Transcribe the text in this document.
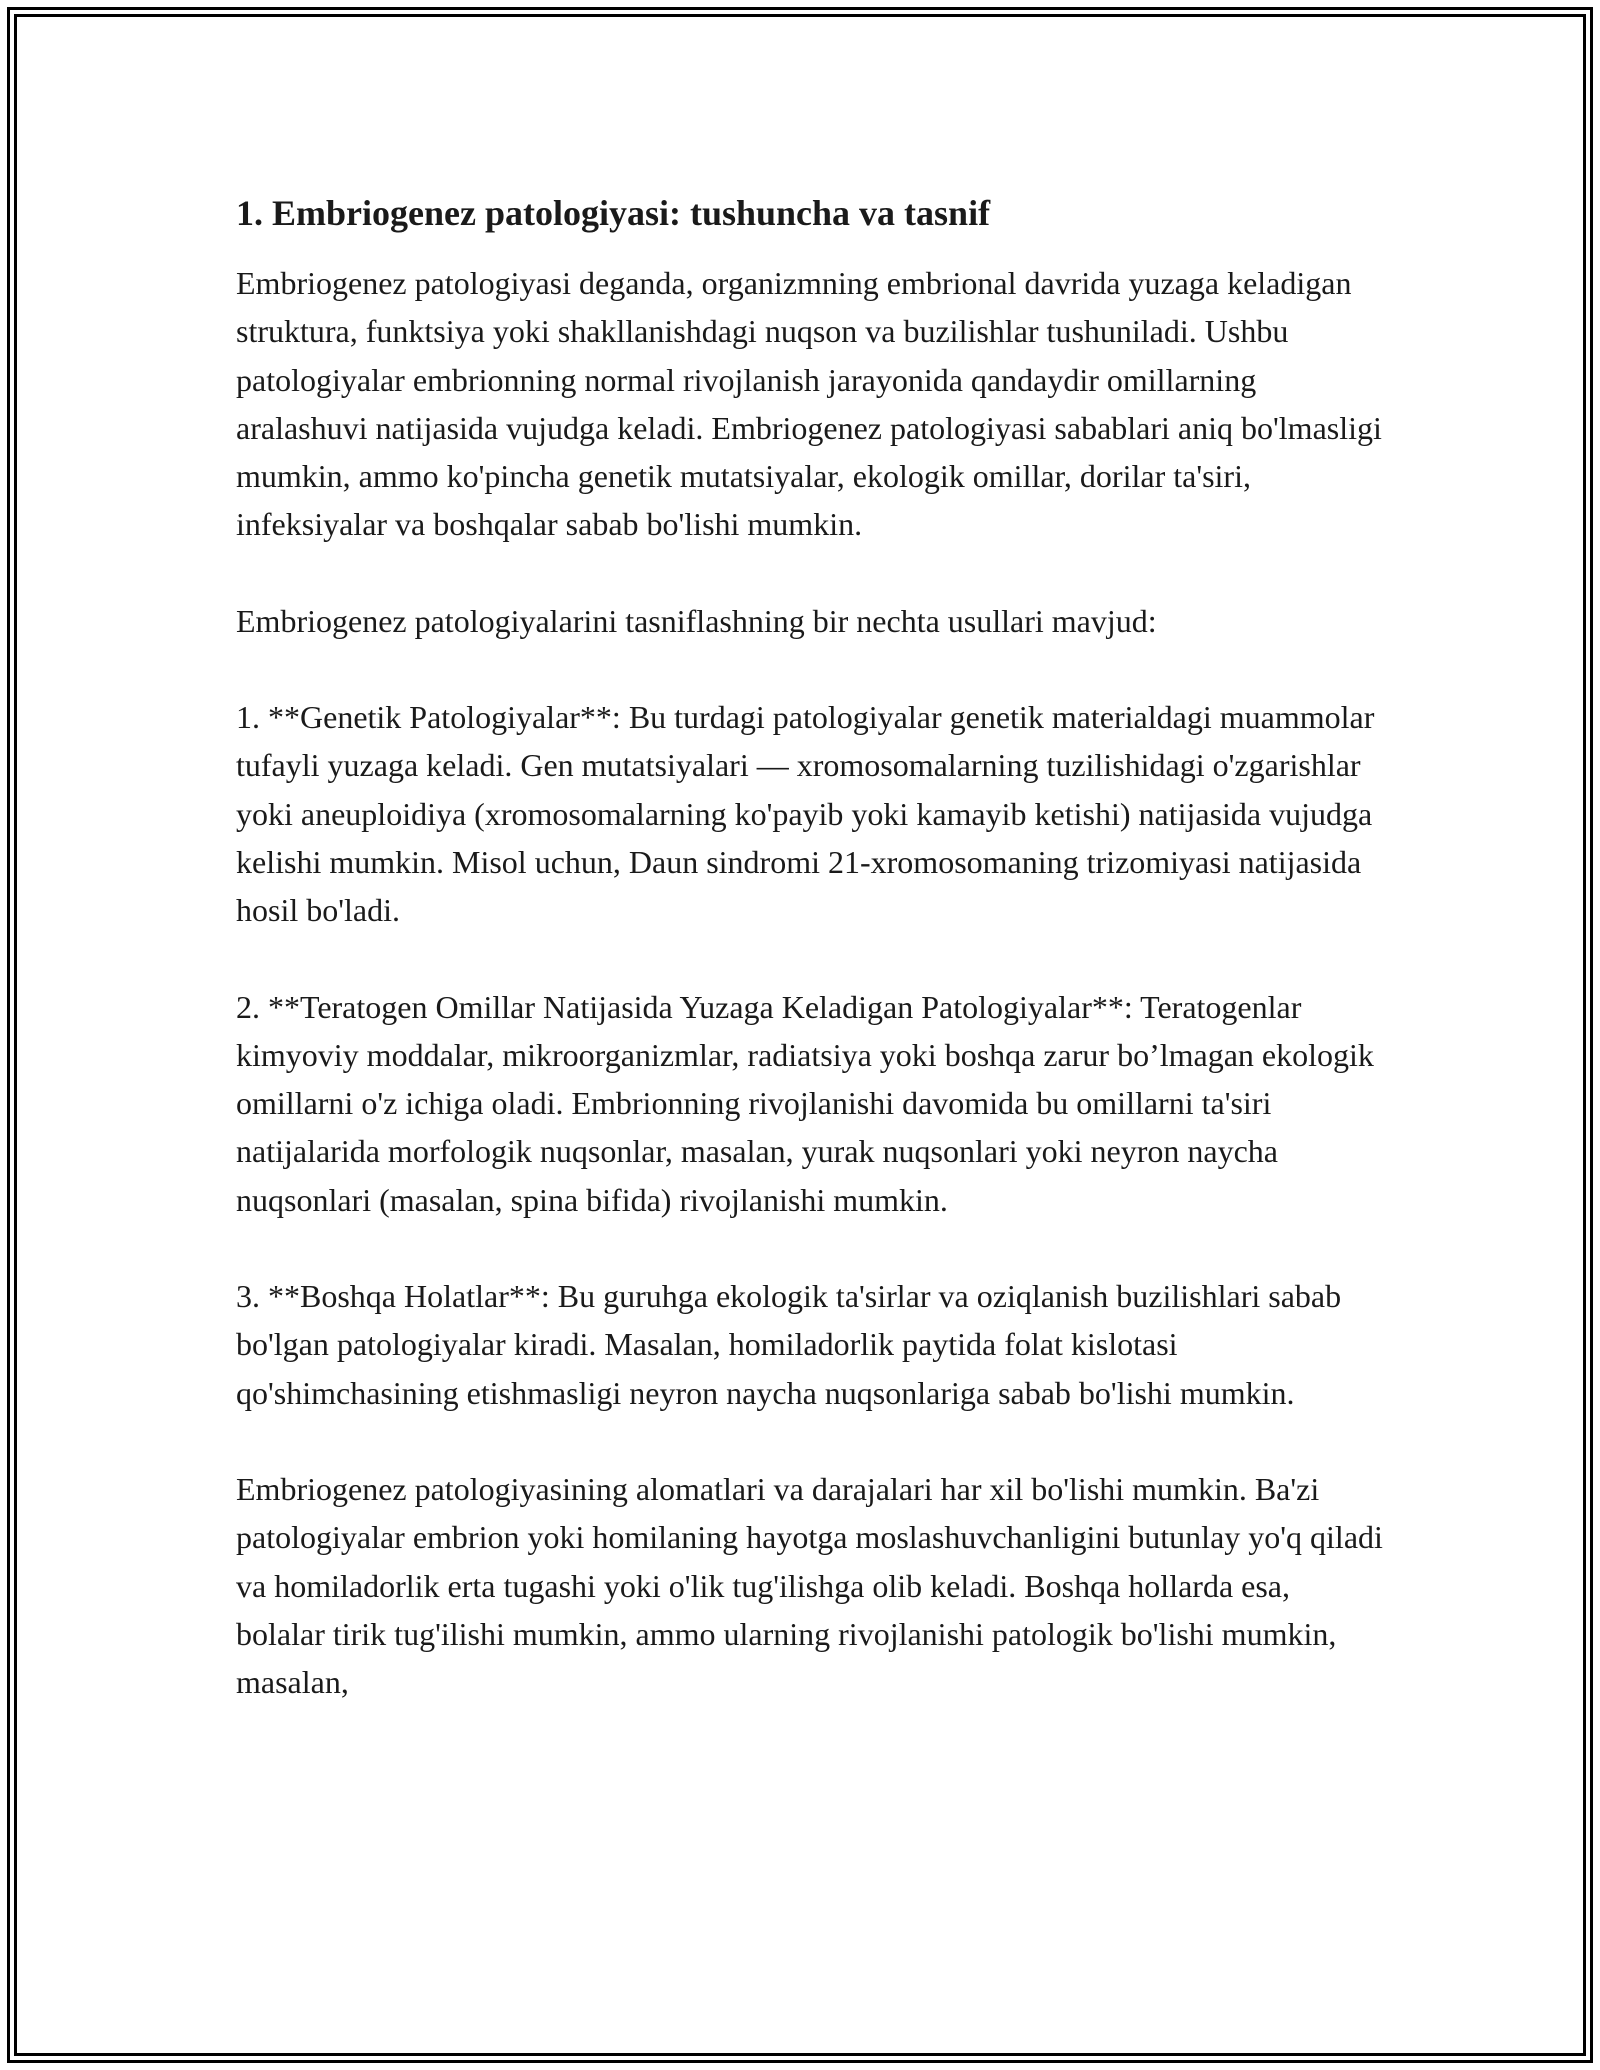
1. Embriogenez patologiyasi: tushuncha va tasnif

Embriogenez patologiyasi deganda, organizmning embrional davrida yuzaga keladigan struktura, funktsiya yoki shakllanishdagi nuqson va buzilishlar tushuniladi. Ushbu patologiyalar embrionning normal rivojlanish jarayonida qandaydir omillarning aralashuvi natijasida vujudga keladi. Embriogenez patologiyasi sabablari aniq bo'lmasligi mumkin, ammo ko'pincha genetik mutatsiyalar, ekologik omillar, dorilar ta'siri, infeksiyalar va boshqalar sabab bo'lishi mumkin.

Embriogenez patologiyalarini tasniflashning bir nechta usullari mavjud:

1. **Genetik Patologiyalar**: Bu turdagi patologiyalar genetik materialdagi muammolar tufayli yuzaga keladi. Gen mutatsiyalari — xromosomalarning tuzilishidagi o'zgarishlar yoki aneuploidiya (xromosomalarning ko'payib yoki kamayib ketishi) natijasida vujudga kelishi mumkin. Misol uchun, Daun sindromi 21-xromosomaning trizomiyasi natijasida hosil bo'ladi.

2. **Teratogen Omillar Natijasida Yuzaga Keladigan Patologiyalar**: Teratogenlar kimyoviy moddalar, mikroorganizmlar, radiatsiya yoki boshqa zarur bo’lmagan ekologik omillarni o'z ichiga oladi. Embrionning rivojlanishi davomida bu omillarni ta'siri natijalarida morfologik nuqsonlar, masalan, yurak nuqsonlari yoki neyron naycha nuqsonlari (masalan, spina bifida) rivojlanishi mumkin.

3. **Boshqa Holatlar**: Bu guruhga ekologik ta'sirlar va oziqlanish buzilishlari sabab bo'lgan patologiyalar kiradi. Masalan, homiladorlik paytida folat kislotasi qo'shimchasining etishmasligi neyron naycha nuqsonlariga sabab bo'lishi mumkin.

Embriogenez patologiyasining alomatlari va darajalari har xil bo'lishi mumkin. Ba'zi patologiyalar embrion yoki homilaning hayotga moslashuvchanligini butunlay yo'q qiladi va homiladorlik erta tugashi yoki o'lik tug'ilishga olib keladi. Boshqa hollarda esa, bolalar tirik tug'ilishi mumkin, ammo ularning rivojlanishi patologik bo'lishi mumkin, masalan,
